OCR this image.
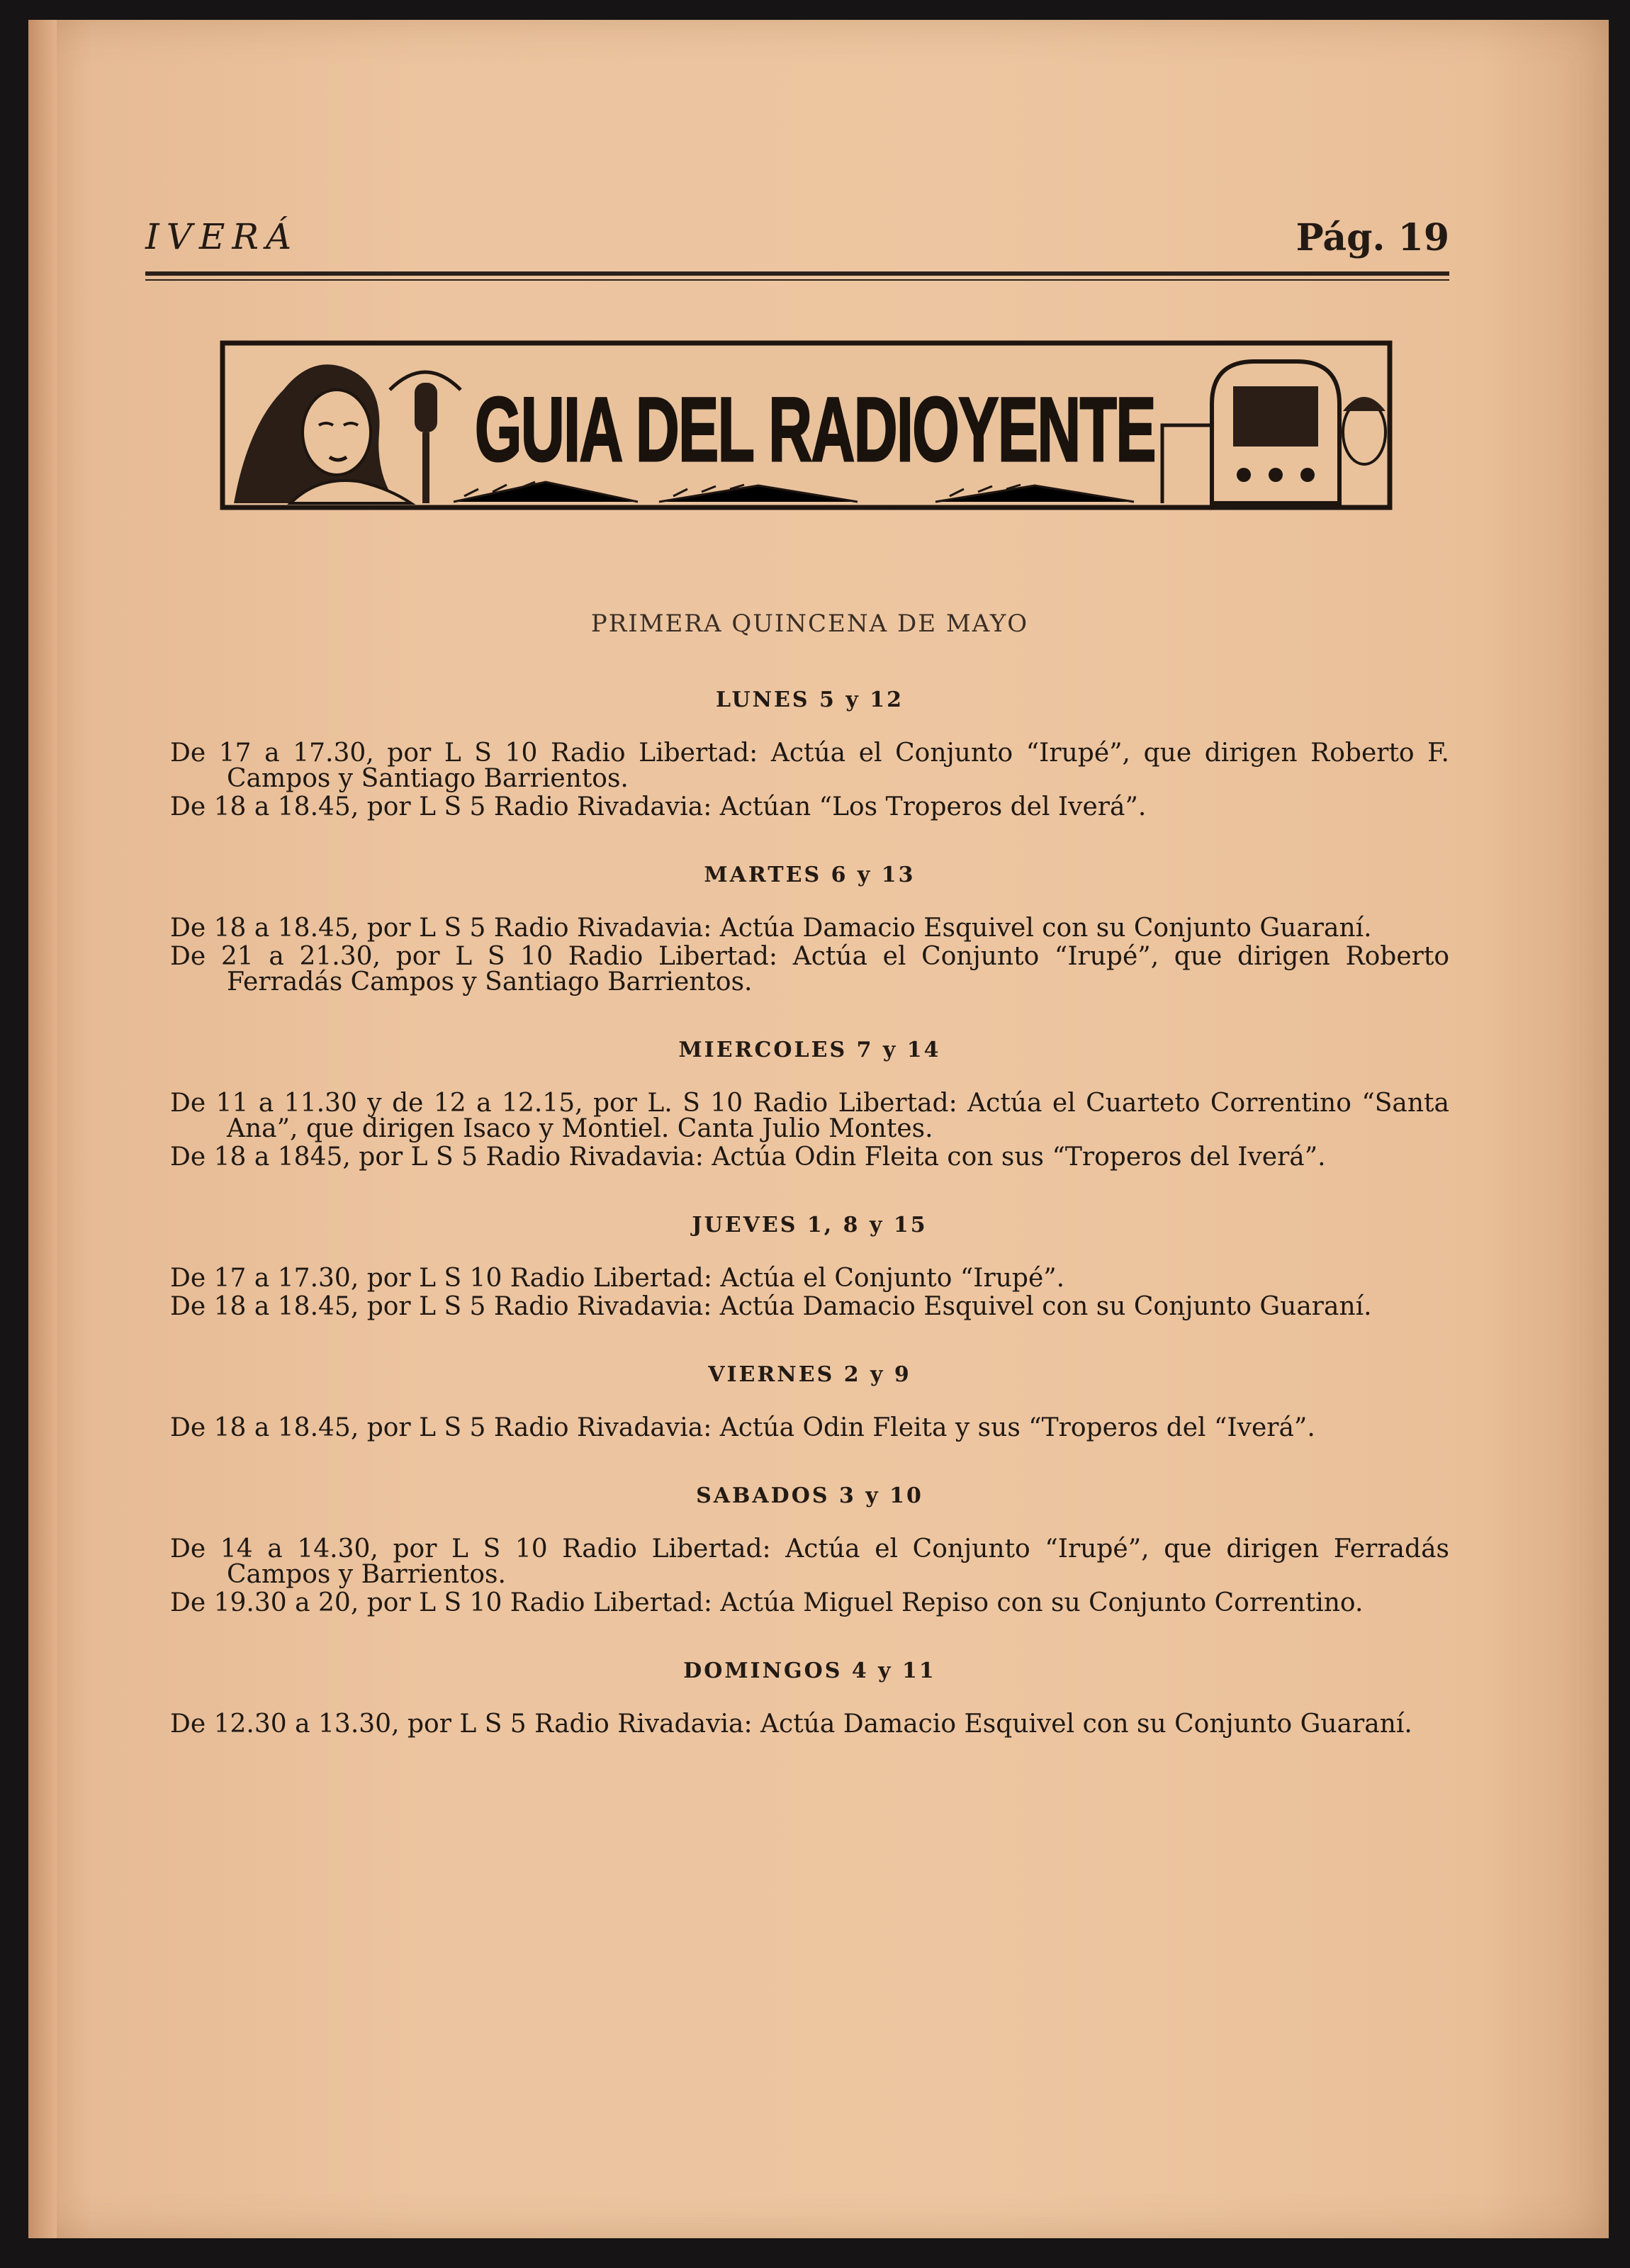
IVERÁ	Pág. 19
GUIA DEL RADIOYENTE
PRIMERA QUINCENA DE MAYO
LUNES 5 y 12
De 17 a 17.30, por L S 10 Radio Libertad: Actúa el Conjunto “Irupé”, que dirigen Roberto F. Campos y Santiago Barrientos.
De 18 a 18.45, por L S 5 Radio Rivadavia: Actúan “Los Troperos del Iverá”.
MARTES 6 y 13
De 18 a 18.45, por L S 5 Radio Rivadavia: Actúa Damacio Esquivel con su Conjunto Guaraní.
De 21 a 21.30, por L S 10 Radio Libertad: Actúa el Conjunto “Irupé”, que dirigen Roberto Ferradás Campos y Santiago Barrientos.
MIERCOLES 7 y 14
De 11 a 11.30 y de 12 a 12.15, por L. S 10 Radio Libertad: Actúa el Cuarteto Correntino “Santa Ana”, que dirigen Isaco y Montiel. Canta Julio Montes.
De 18 a 1845, por L S 5 Radio Rivadavia: Actúa Odin Fleita con sus “Troperos del Iverá”.
JUEVES 1, 8 y 15
De 17 a 17.30, por L S 10 Radio Libertad: Actúa el Conjunto “Irupé”.
De 18 a 18.45, por L S 5 Radio Rivadavia: Actúa Damacio Esquivel con su Conjunto Guaraní.
VIERNES 2 y 9
De 18 a 18.45, por L S 5 Radio Rivadavia: Actúa Odin Fleita y sus “Troperos del “Iverá”.
SABADOS 3 y 10
De 14 a 14.30, por L S 10 Radio Libertad: Actúa el Conjunto “Irupé”, que dirigen Ferradás Campos y Barrientos.
De 19.30 a 20, por L S 10 Radio Libertad: Actúa Miguel Repiso con su Conjunto Correntino.
DOMINGOS 4 y 11
De 12.30 a 13.30, por L S 5 Radio Rivadavia: Actúa Damacio Esquivel con su Conjunto Guaraní.
